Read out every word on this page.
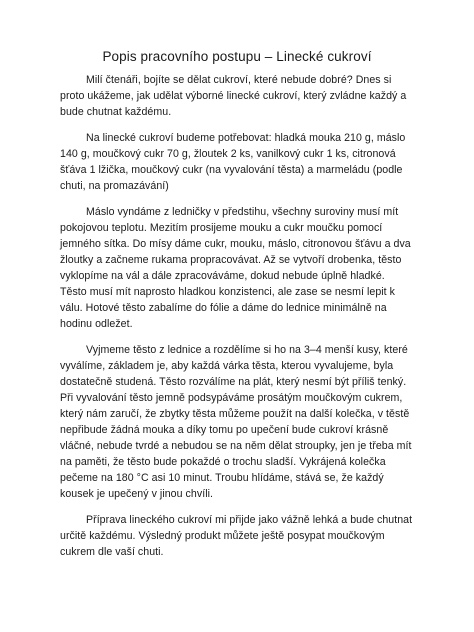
Popis pracovního postupu – Linecké cukroví

Milí čtenáři, bojíte se dělat cukroví, které nebude dobré? Dnes si proto ukážeme, jak udělat výborné linecké cukroví, který zvládne každý a bude chutnat každému.

Na linecké cukroví budeme potřebovat: hladká mouka 210 g, máslo 140 g, moučkový cukr 70 g, žloutek 2 ks, vanilkový cukr 1 ks, citronová šťáva 1 lžička, moučkový cukr (na vyvalování těsta) a marmeládu (podle chuti, na promazávání)

Máslo vyndáme z ledničky v předstihu, všechny suroviny musí mít pokojovou teplotu. Mezitím prosijeme mouku a cukr moučku pomocí jemného sítka. Do mísy dáme cukr, mouku, máslo, citronovou šťávu a dva žloutky a začneme rukama propracovávat. Až se vytvoří drobenka, těsto vyklopíme na vál a dále zpracováváme, dokud nebude úplně hladké. Těsto musí mít naprosto hladkou konzistenci, ale zase se nesmí lepit k válu. Hotové těsto zabalíme do fólie a dáme do lednice minimálně na hodinu odležet.

Vyjmeme těsto z lednice a rozdělíme si ho na 3–4 menší kusy, které vyválíme, základem je, aby každá várka těsta, kterou vyvalujeme, byla dostatečně studená. Těsto rozválíme na plát, který nesmí být příliš tenký. Při vyvalování těsto jemně podsypáváme prosátým moučkovým cukrem, který nám zaručí, že zbytky těsta můžeme použít na další kolečka, v těstě nepřibude žádná mouka a díky tomu po upečení bude cukroví krásně vláčné, nebude tvrdé a nebudou se na něm dělat stroupky, jen je třeba mít na paměti, že těsto bude pokaždé o trochu sladší. Vykrájená kolečka pečeme na 180 °C asi 10 minut. Troubu hlídáme, stává se, že každý kousek je upečený v jinou chvíli.

Příprava lineckého cukroví mi přijde jako vážně lehká a bude chutnat určitě každému. Výsledný produkt můžete ještě posypat moučkovým cukrem dle vaší chuti.
